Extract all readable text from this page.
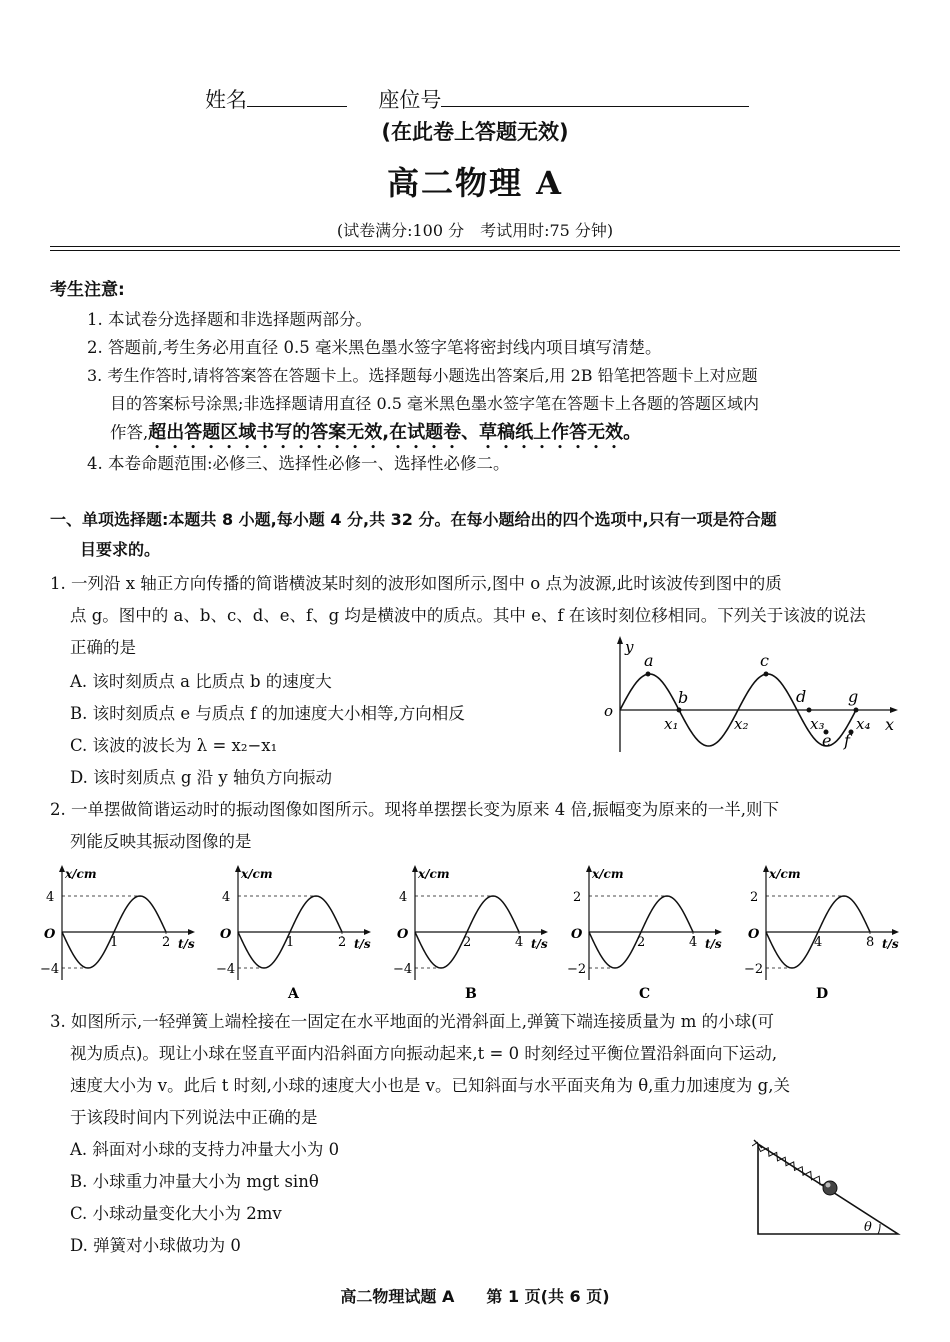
姓名	座位号
(在此卷上答题无效)
高二物理 A
(试卷满分:100 分　考试用时:75 分钟)
考生注意:
1. 本试卷分选择题和非选择题两部分。
2. 答题前,考生务必用直径 0.5 毫米黑色墨水签字笔将密封线内项目填写清楚。
3. 考生作答时,请将答案答在答题卡上。选择题每小题选出答案后,用 2B 铅笔把答题卡上对应题
目的答案标号涂黑;非选择题请用直径 0.5 毫米黑色墨水签字笔在答题卡上各题的答题区域内
作答,超出答题区域书写的答案无效,在试题卷、草稿纸上作答无效。
4. 本卷命题范围:必修三、选择性必修一、选择性必修二。
一、单项选择题:本题共 8 小题,每小题 4 分,共 32 分。在每小题给出的四个选项中,只有一项是符合题
目要求的。
1. 一列沿 x 轴正方向传播的简谐横波某时刻的波形如图所示,图中 o 点为波源,此时该波传到图中的质
点 g。图中的 a、b、c、d、e、f、g 均是横波中的质点。其中 e、f 在该时刻位移相同。下列关于该波的说法
正确的是
A. 该时刻质点 a 比质点 b 的速度大
B. 该时刻质点 e 与质点 f 的加速度大小相等,方向相反
C. 该波的波长为 λ = x₂−x₁
D. 该时刻质点 g 沿 y 轴负方向振动
y
o
a
b
c
d
e f
g
x₁	x₂	x₃ x₄ x
2. 一单摆做简谐运动时的振动图像如图所示。现将单摆摆长变为原来 4 倍,振幅变为原来的一半,则下
列能反映其振动图像的是
x/cm
4
−4
O
1	2 t/s
x/cm
4
−4
O
1	2 t/s
A
x/cm
4
−4
O
2	4 t/s
B
x/cm
2
−2
O
2	4 t/s
C
x/cm
2
−2
O
4	8 t/s
D
3. 如图所示,一轻弹簧上端栓接在一固定在水平地面的光滑斜面上,弹簧下端连接质量为 m 的小球(可
视为质点)。现让小球在竖直平面内沿斜面方向振动起来,t = 0 时刻经过平衡位置沿斜面向下运动,
速度大小为 v。此后 t 时刻,小球的速度大小也是 v。已知斜面与水平面夹角为 θ,重力加速度为 g,关
于该段时间内下列说法中正确的是
A. 斜面对小球的支持力冲量大小为 0
B. 小球重力冲量大小为 mgt sinθ
C. 小球动量变化大小为 2mv
D. 弹簧对小球做功为 0
θ
高二物理试题 A　　第 1 页(共 6 页)
